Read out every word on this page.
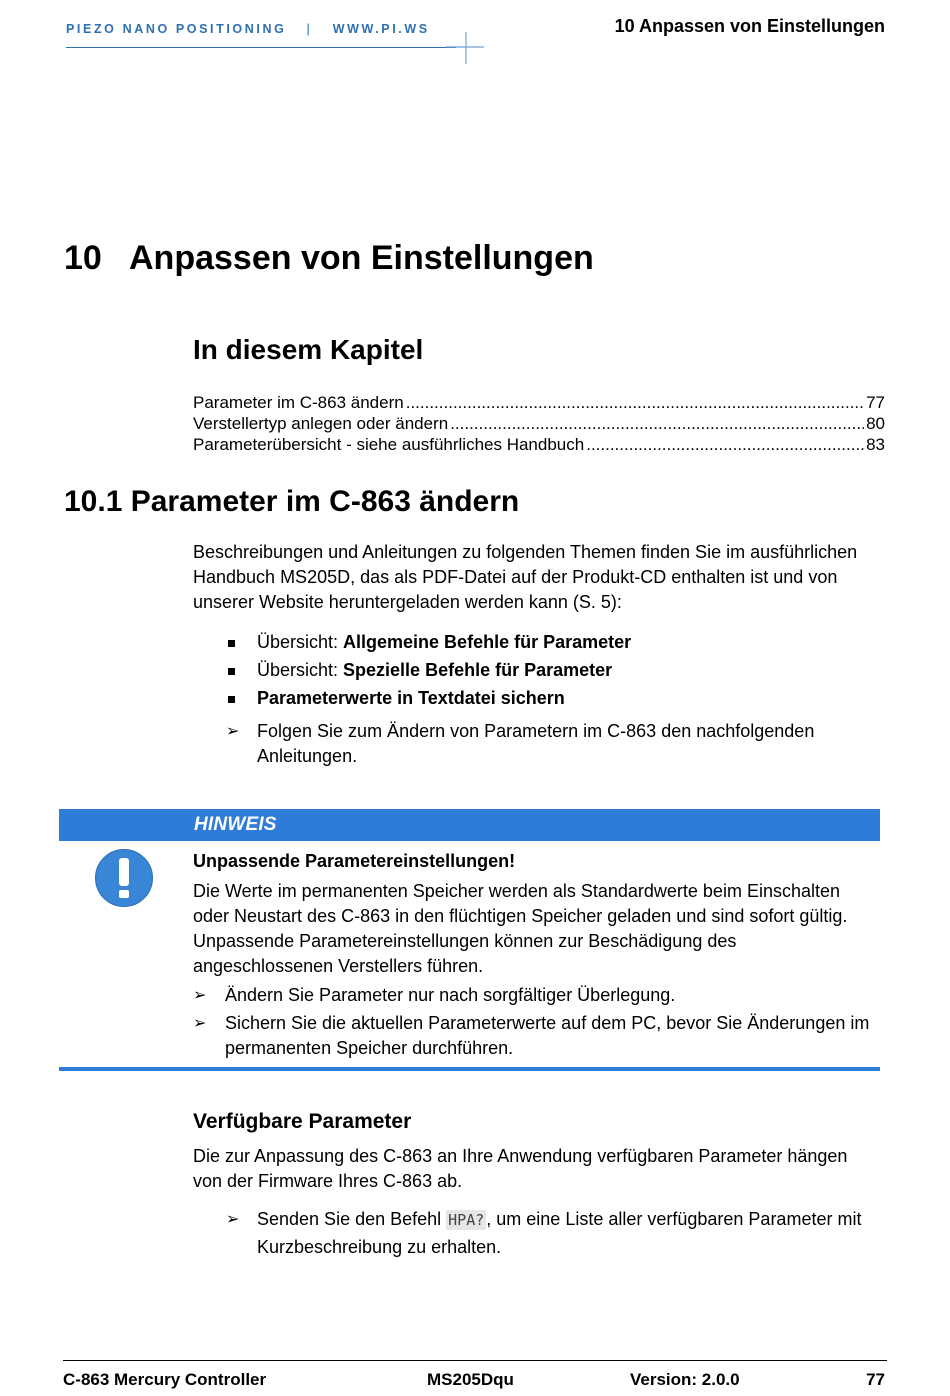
PIEZO NANO POSITIONING | WWW.PI.WS	10 Anpassen von Einstellungen
10 Anpassen von Einstellungen
In diesem Kapitel
Parameter im C-863 ändern .....	77
Verstellertyp anlegen oder ändern .....	80
Parameterübersicht - siehe ausführliches Handbuch .....	83
10.1 Parameter im C-863 ändern
Beschreibungen und Anleitungen zu folgenden Themen finden Sie im ausführlichen Handbuch MS205D, das als PDF-Datei auf der Produkt-CD enthalten ist und von unserer Website heruntergeladen werden kann (S. 5):
Übersicht: Allgemeine Befehle für Parameter
Übersicht: Spezielle Befehle für Parameter
Parameterwerte in Textdatei sichern
➢ Folgen Sie zum Ändern von Parametern im C-863 den nachfolgenden Anleitungen.
HINWEIS
Unpassende Parametereinstellungen!
Die Werte im permanenten Speicher werden als Standardwerte beim Einschalten oder Neustart des C-863 in den flüchtigen Speicher geladen und sind sofort gültig. Unpassende Parametereinstellungen können zur Beschädigung des angeschlossenen Verstellers führen.
➢ Ändern Sie Parameter nur nach sorgfältiger Überlegung.
➢ Sichern Sie die aktuellen Parameterwerte auf dem PC, bevor Sie Änderungen im permanenten Speicher durchführen.
Verfügbare Parameter
Die zur Anpassung des C-863 an Ihre Anwendung verfügbaren Parameter hängen von der Firmware Ihres C-863 ab.
➢ Senden Sie den Befehl HPA? , um eine Liste aller verfügbaren Parameter mit Kurzbeschreibung zu erhalten.
C-863 Mercury Controller	MS205Dqu	Version: 2.0.0	77
